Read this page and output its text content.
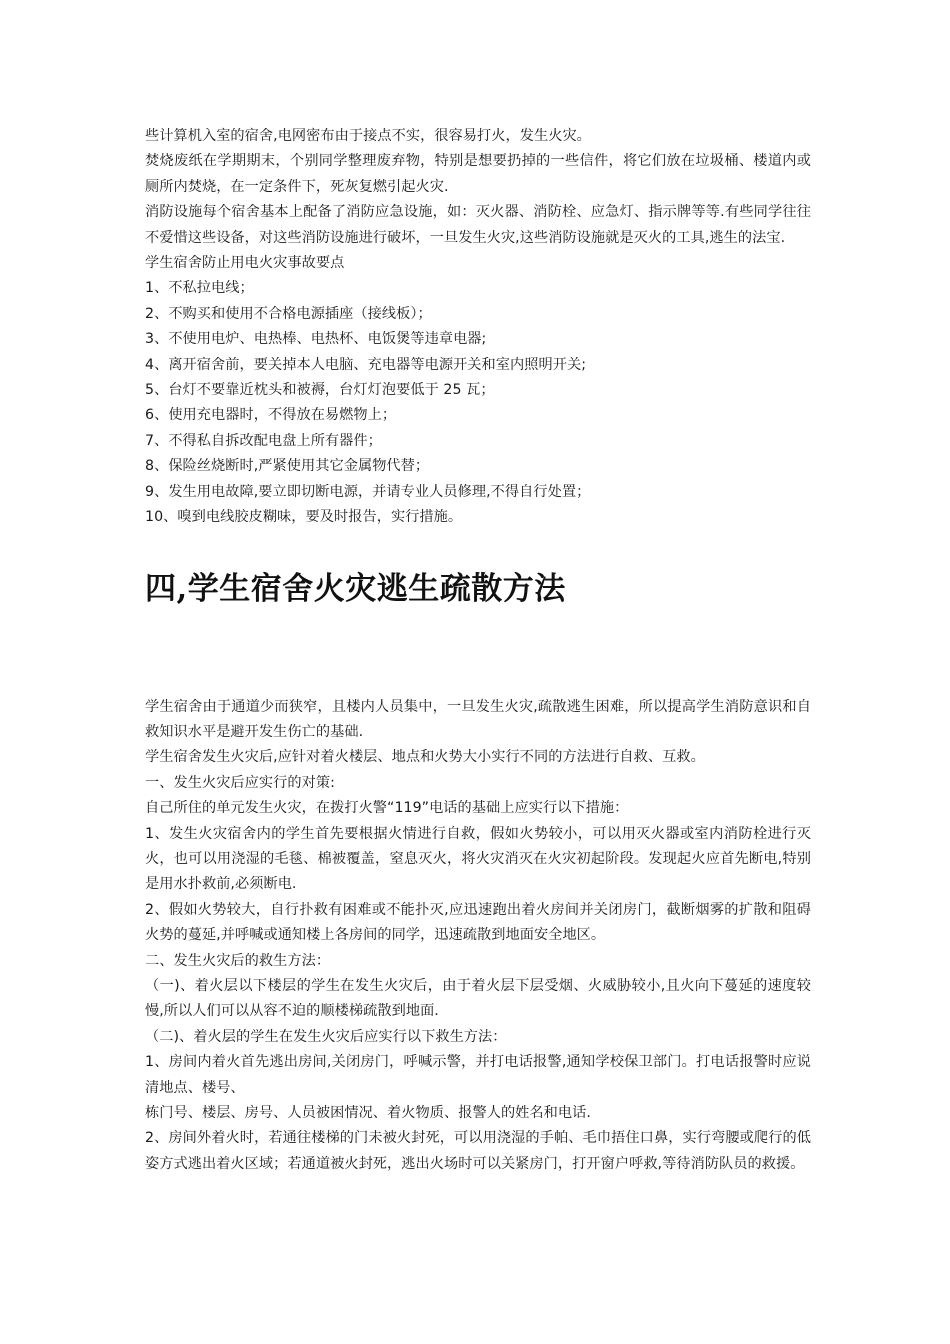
些计算机入室的宿舍,电网密布由于接点不实，很容易打火，发生火灾。

焚烧废纸在学期期末，个别同学整理废弃物，特别是想要扔掉的一些信件，将它们放在垃圾桶、楼道内或厕所内焚烧，在一定条件下，死灰复燃引起火灾.

消防设施每个宿舍基本上配备了消防应急设施，如：灭火器、消防栓、应急灯、指示牌等等.有些同学往往不爱惜这些设备，对这些消防设施进行破坏，一旦发生火灾,这些消防设施就是灭火的工具,逃生的法宝.

学生宿舍防止用电火灾事故要点

1、不私拉电线；

2、不购买和使用不合格电源插座（接线板）；

3、不使用电炉、电热棒、电热杯、电饭煲等违章电器;

4、离开宿舍前，要关掉本人电脑、充电器等电源开关和室内照明开关;

5、台灯不要靠近枕头和被褥，台灯灯泡要低于 25 瓦；

6、使用充电器时，不得放在易燃物上；

7、不得私自拆改配电盘上所有器件；

8、保险丝烧断时,严紧使用其它金属物代替；

9、发生用电故障,要立即切断电源，并请专业人员修理,不得自行处置；

10、嗅到电线胶皮糊味，要及时报告，实行措施。

四,学生宿舍火灾逃生疏散方法

学生宿舍由于通道少而狭窄，且楼内人员集中，一旦发生火灾,疏散逃生困难，所以提高学生消防意识和自救知识水平是避开发生伤亡的基础.

学生宿舍发生火灾后,应针对着火楼层、地点和火势大小实行不同的方法进行自救、互救。

一、发生火灾后应实行的对策:

自己所住的单元发生火灾，在拨打火警“119”电话的基础上应实行以下措施：

1、发生火灾宿舍内的学生首先要根据火情进行自救，假如火势较小，可以用灭火器或室内消防栓进行灭火，也可以用浇湿的毛毯、棉被覆盖，窒息灭火，将火灾消灭在火灾初起阶段。发现起火应首先断电,特别是用水扑救前,必须断电.

2、假如火势较大，自行扑救有困难或不能扑灭,应迅速跑出着火房间并关闭房门，截断烟雾的扩散和阻碍火势的蔓延,并呼喊或通知楼上各房间的同学，迅速疏散到地面安全地区。

二、发生火灾后的救生方法：

（一)、着火层以下楼层的学生在发生火灾后，由于着火层下层受烟、火威胁较小,且火向下蔓延的速度较慢,所以人们可以从容不迫的顺楼梯疏散到地面.

（二)、着火层的学生在发生火灾后应实行以下救生方法：

1、房间内着火首先逃出房间,关闭房门，呼喊示警，并打电话报警,通知学校保卫部门。打电话报警时应说清地点、楼号、

栋门号、楼层、房号、人员被困情况、着火物质、报警人的姓名和电话.

2、房间外着火时，若通往楼梯的门未被火封死，可以用浇湿的手帕、毛巾捂住口鼻，实行弯腰或爬行的低姿方式逃出着火区域；若通道被火封死，逃出火场时可以关紧房门，打开窗户呼救,等待消防队员的救援。
